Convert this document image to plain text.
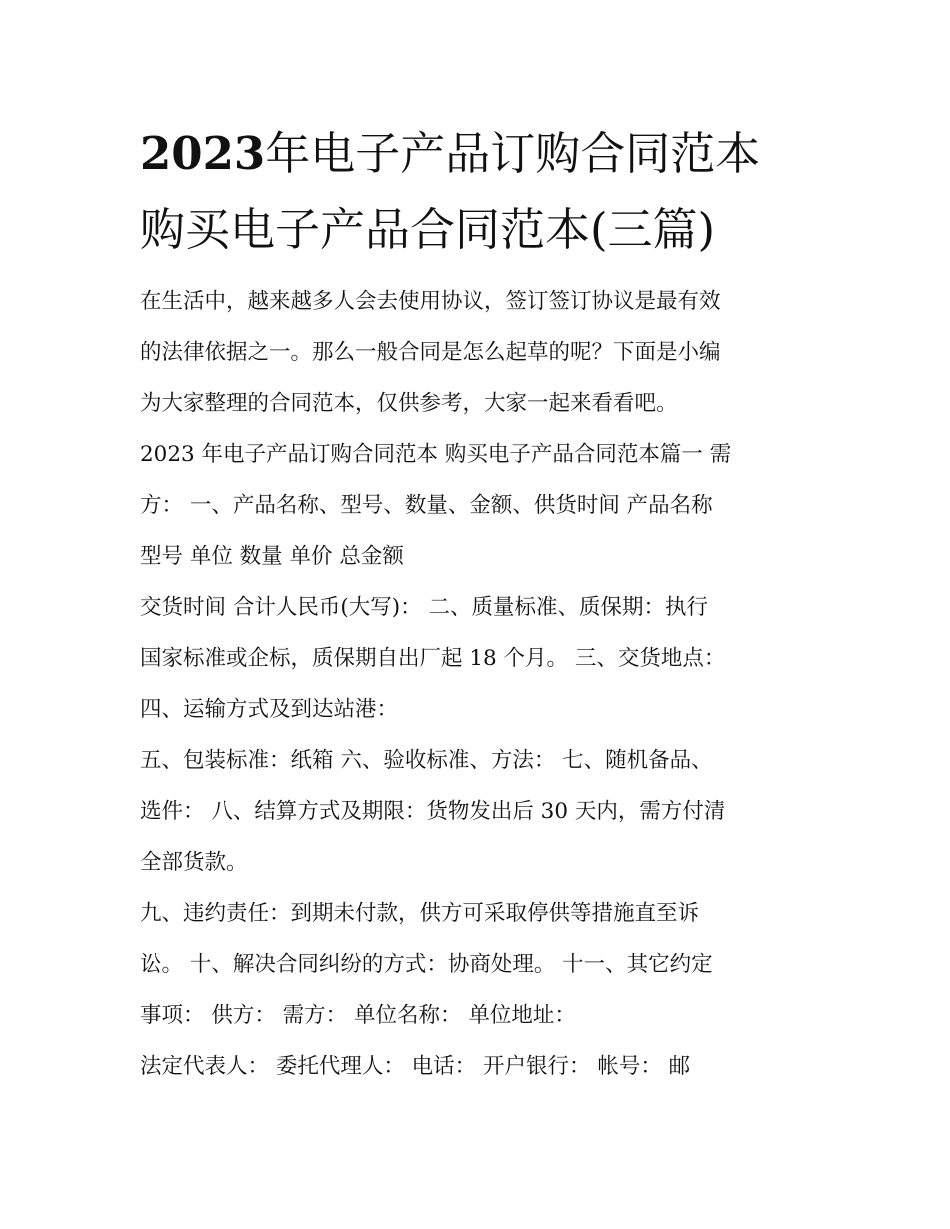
2023年电子产品订购合同范本
购买电子产品合同范本(三篇)

在生活中，越来越多人会去使用协议，签订签订协议是最有效
的法律依据之一。那么一般合同是怎么起草的呢？下面是小编
为大家整理的合同范本，仅供参考，大家一起来看看吧。

2023 年电子产品订购合同范本 购买电子产品合同范本篇一 需
方： 一、产品名称、型号、数量、金额、供货时间 产品名称
型号 单位 数量 单价 总金额

交货时间 合计人民币(大写)： 二、质量标准、质保期：执行
国家标准或企标，质保期自出厂起 18 个月。 三、交货地点：
四、运输方式及到达站港：

五、包装标准：纸箱 六、验收标准、方法： 七、随机备品、
选件： 八、结算方式及期限：货物发出后 30 天内，需方付清
全部货款。

九、违约责任：到期未付款，供方可采取停供等措施直至诉
讼。 十、解决合同纠纷的方式：协商处理。 十一、其它约定
事项： 供方： 需方： 单位名称： 单位地址：

法定代表人： 委托代理人： 电话： 开户银行： 帐号： 邮
